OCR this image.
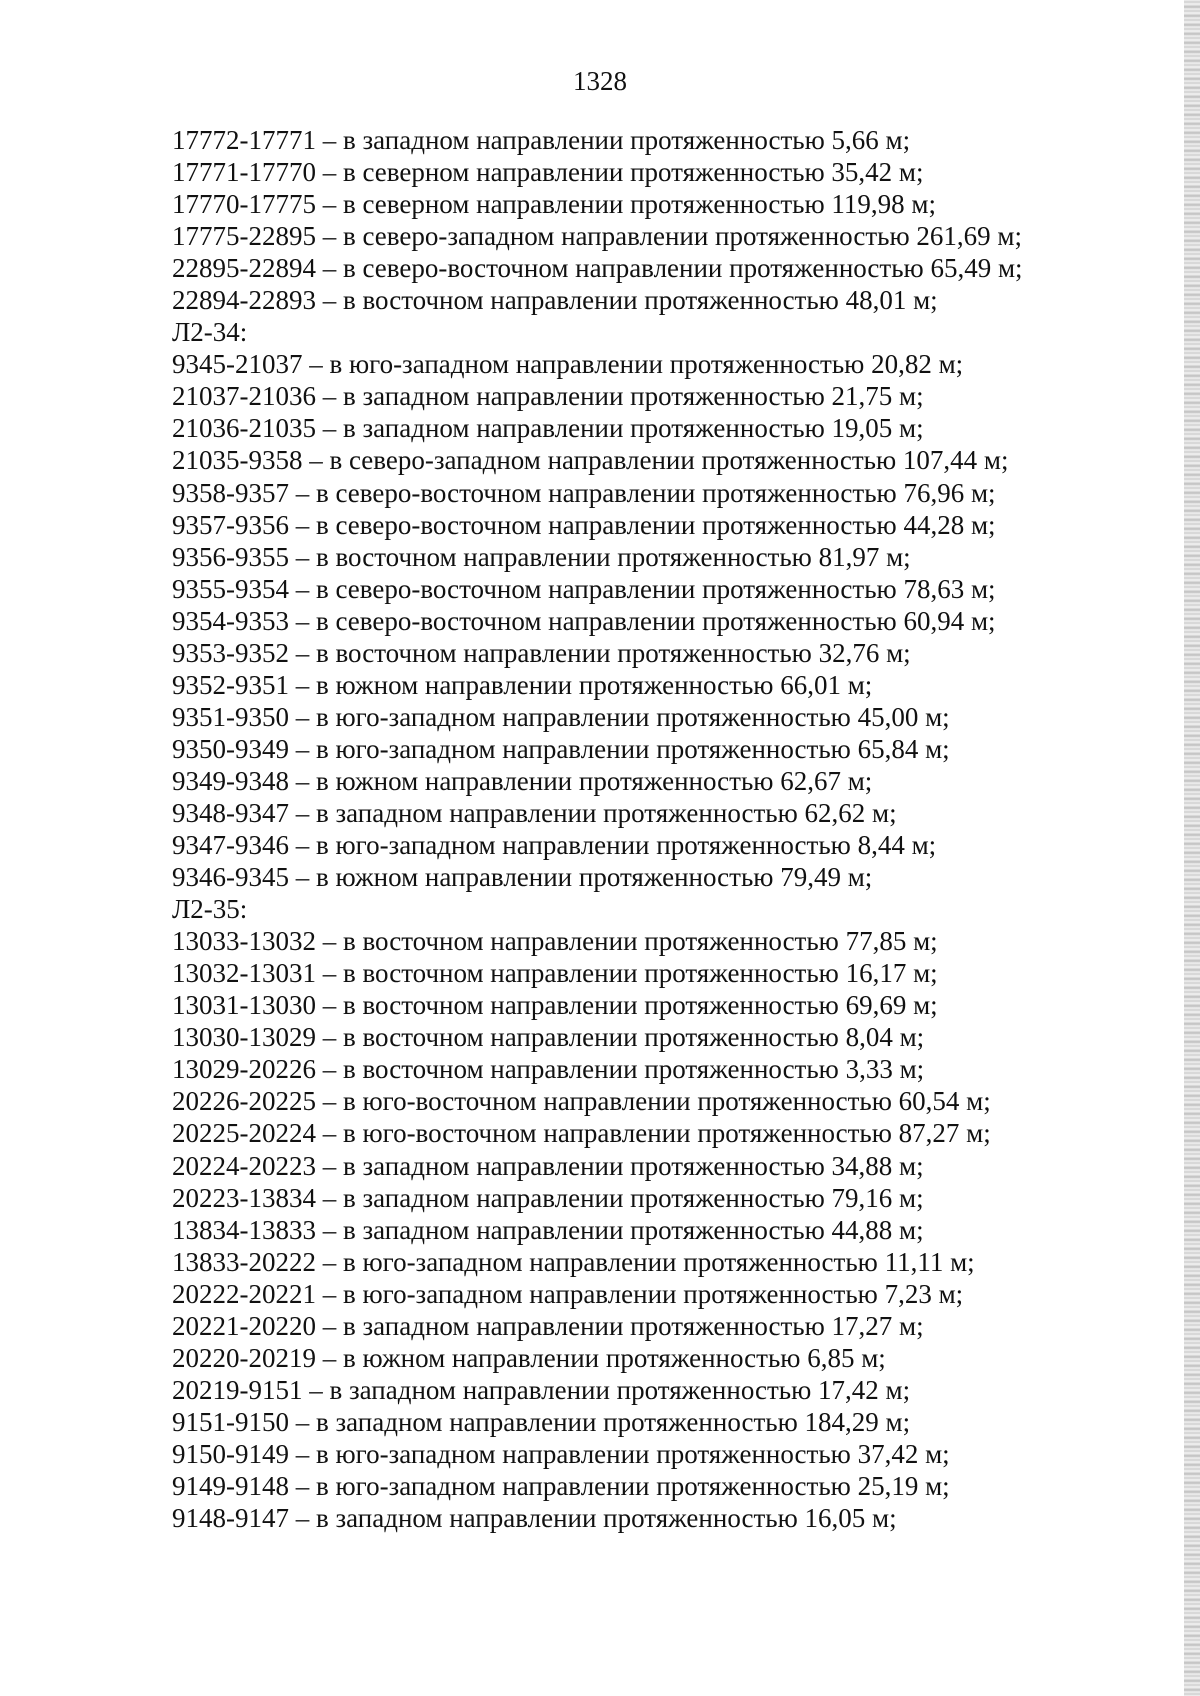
1328
17772-17771 – в западном направлении протяженностью 5,66 м;
17771-17770 – в северном направлении протяженностью 35,42 м;
17770-17775 – в северном направлении протяженностью 119,98 м;
17775-22895 – в северо-западном направлении протяженностью 261,69 м;
22895-22894 – в северо-восточном направлении протяженностью 65,49 м;
22894-22893 – в восточном направлении протяженностью 48,01 м;
Л2-34:
9345-21037 – в юго-западном направлении протяженностью 20,82 м;
21037-21036 – в западном направлении протяженностью 21,75 м;
21036-21035 – в западном направлении протяженностью 19,05 м;
21035-9358 – в северо-западном направлении протяженностью 107,44 м;
9358-9357 – в северо-восточном направлении протяженностью 76,96 м;
9357-9356 – в северо-восточном направлении протяженностью 44,28 м;
9356-9355 – в восточном направлении протяженностью 81,97 м;
9355-9354 – в северо-восточном направлении протяженностью 78,63 м;
9354-9353 – в северо-восточном направлении протяженностью 60,94 м;
9353-9352 – в восточном направлении протяженностью 32,76 м;
9352-9351 – в южном направлении протяженностью 66,01 м;
9351-9350 – в юго-западном направлении протяженностью 45,00 м;
9350-9349 – в юго-западном направлении протяженностью 65,84 м;
9349-9348 – в южном направлении протяженностью 62,67 м;
9348-9347 – в западном направлении протяженностью 62,62 м;
9347-9346 – в юго-западном направлении протяженностью 8,44 м;
9346-9345 – в южном направлении протяженностью 79,49 м;
Л2-35:
13033-13032 – в восточном направлении протяженностью 77,85 м;
13032-13031 – в восточном направлении протяженностью 16,17 м;
13031-13030 – в восточном направлении протяженностью 69,69 м;
13030-13029 – в восточном направлении протяженностью 8,04 м;
13029-20226 – в восточном направлении протяженностью 3,33 м;
20226-20225 – в юго-восточном направлении протяженностью 60,54 м;
20225-20224 – в юго-восточном направлении протяженностью 87,27 м;
20224-20223 – в западном направлении протяженностью 34,88 м;
20223-13834 – в западном направлении протяженностью 79,16 м;
13834-13833 – в западном направлении протяженностью 44,88 м;
13833-20222 – в юго-западном направлении протяженностью 11,11 м;
20222-20221 – в юго-западном направлении протяженностью 7,23 м;
20221-20220 – в западном направлении протяженностью 17,27 м;
20220-20219 – в южном направлении протяженностью 6,85 м;
20219-9151 – в западном направлении протяженностью 17,42 м;
9151-9150 – в западном направлении протяженностью 184,29 м;
9150-9149 – в юго-западном направлении протяженностью 37,42 м;
9149-9148 – в юго-западном направлении протяженностью 25,19 м;
9148-9147 – в западном направлении протяженностью 16,05 м;
